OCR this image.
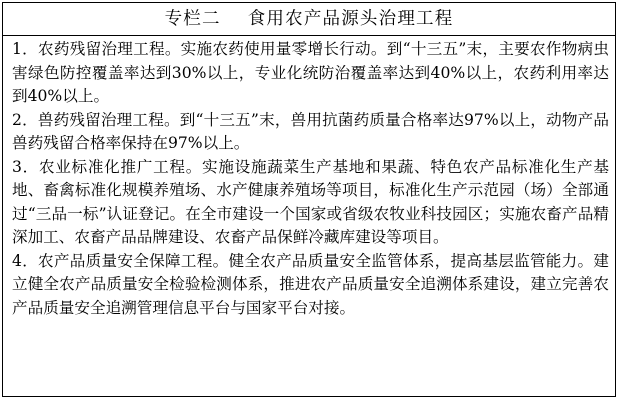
专栏二    食用农产品源头治理工程

1．农药残留治理工程。实施农药使用量零增长行动。到“十三五”末，主要农作物病虫害绿色防控覆盖率达到30%以上，专业化统防治覆盖率达到40%以上，农药利用率达到40%以上。

2．兽药残留治理工程。到“十三五”末，兽用抗菌药质量合格率达97%以上，动物产品兽药残留合格率保持在97%以上。

3．农业标准化推广工程。实施设施蔬菜生产基地和果蔬、特色农产品标准化生产基地、畜禽标准化规模养殖场、水产健康养殖场等项目，标准化生产示范园（场）全部通过“三品一标”认证登记。在全市建设一个国家或省级农牧业科技园区；实施农畜产品精深加工、农畜产品品牌建设、农畜产品保鲜冷藏库建设等项目。

4．农产品质量安全保障工程。健全农产品质量安全监管体系，提高基层监管能力。建立健全农产品质量安全检验检测体系，推进农产品质量安全追溯体系建设，建立完善农产品质量安全追溯管理信息平台与国家平台对接。
